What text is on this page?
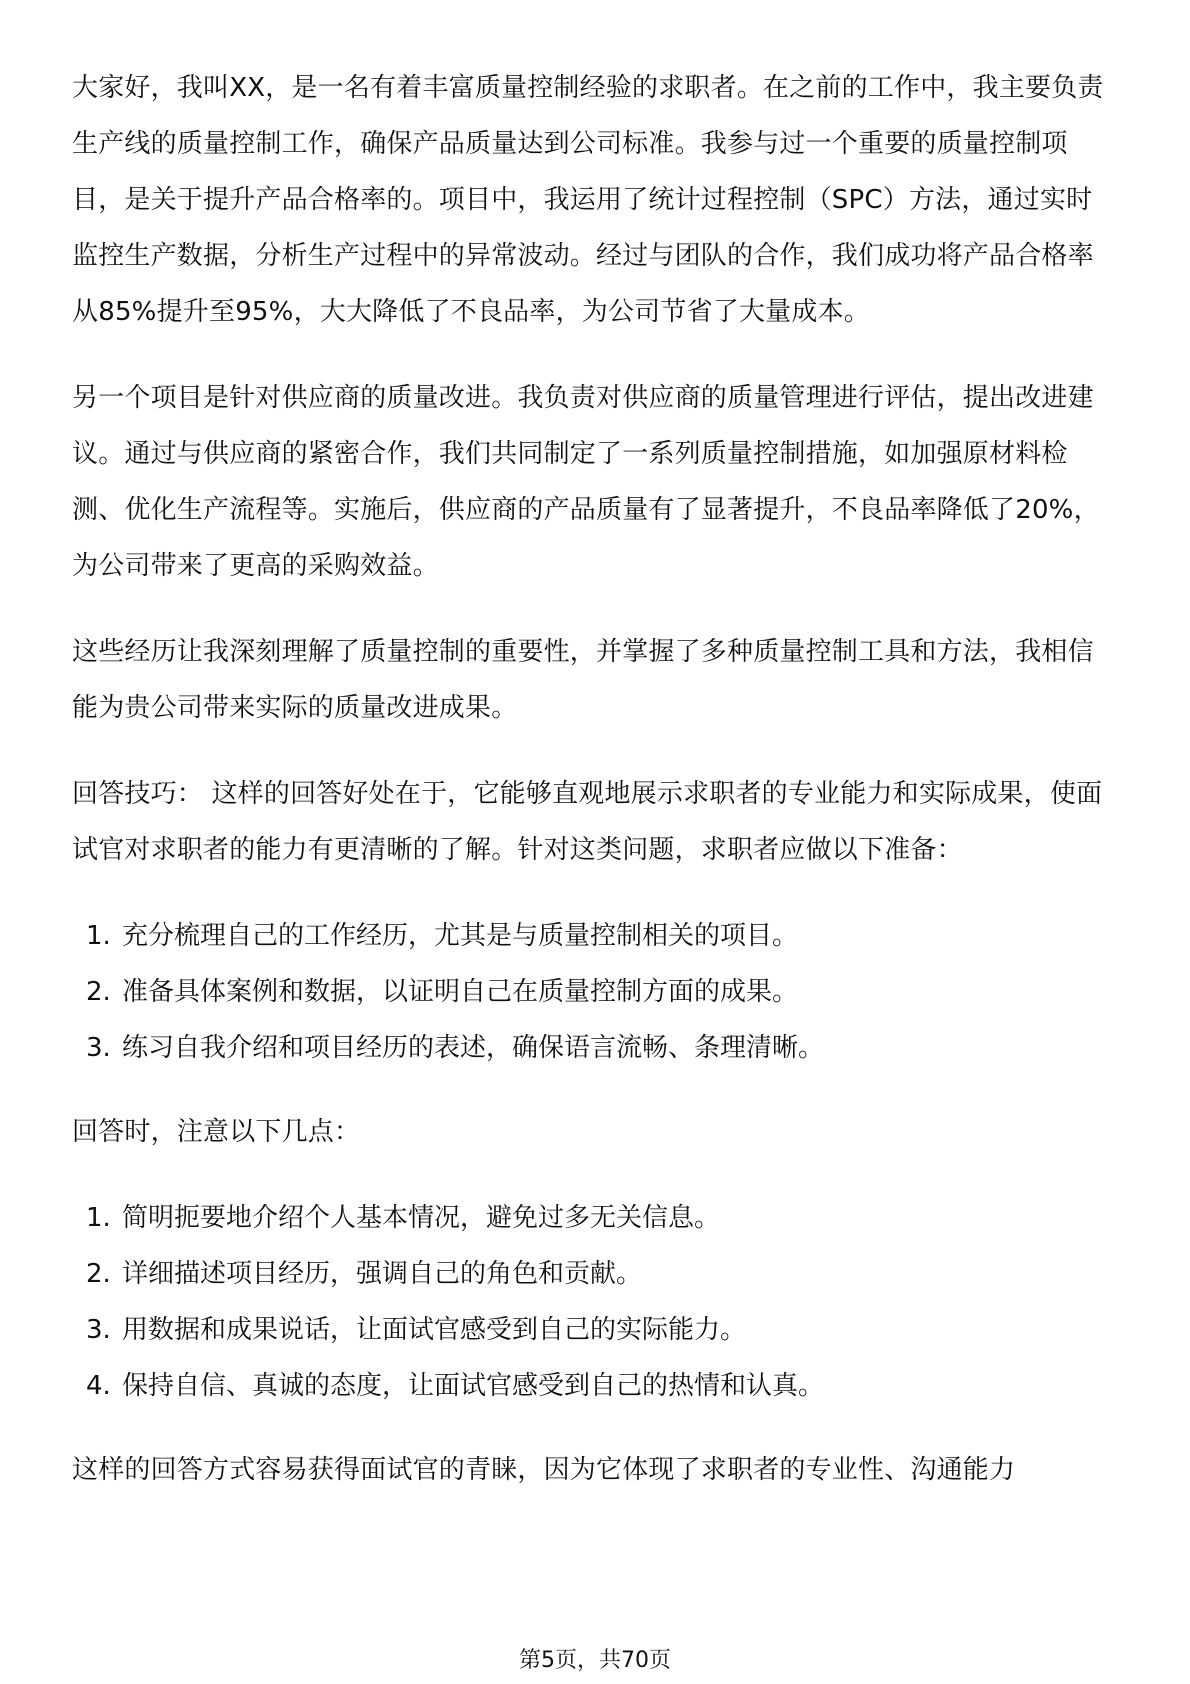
大家好，我叫XX，是一名有着丰富质量控制经验的求职者。在之前的工作中，我主要负责生产线的质量控制工作，确保产品质量达到公司标准。我参与过一个重要的质量控制项目，是关于提升产品合格率的。项目中，我运用了统计过程控制（SPC）方法，通过实时监控生产数据，分析生产过程中的异常波动。经过与团队的合作，我们成功将产品合格率从85%提升至95%，大大降低了不良品率，为公司节省了大量成本。

另一个项目是针对供应商的质量改进。我负责对供应商的质量管理进行评估，提出改进建议。通过与供应商的紧密合作，我们共同制定了一系列质量控制措施，如加强原材料检测、优化生产流程等。实施后，供应商的产品质量有了显著提升，不良品率降低了20%，为公司带来了更高的采购效益。

这些经历让我深刻理解了质量控制的重要性，并掌握了多种质量控制工具和方法，我相信能为贵公司带来实际的质量改进成果。

回答技巧： 这样的回答好处在于，它能够直观地展示求职者的专业能力和实际成果，使面试官对求职者的能力有更清晰的了解。针对这类问题，求职者应做以下准备：

1. 充分梳理自己的工作经历，尤其是与质量控制相关的项目。
2. 准备具体案例和数据，以证明自己在质量控制方面的成果。
3. 练习自我介绍和项目经历的表述，确保语言流畅、条理清晰。

回答时，注意以下几点：

1. 简明扼要地介绍个人基本情况，避免过多无关信息。
2. 详细描述项目经历，强调自己的角色和贡献。
3. 用数据和成果说话，让面试官感受到自己的实际能力。
4. 保持自信、真诚的态度，让面试官感受到自己的热情和认真。

这样的回答方式容易获得面试官的青睐，因为它体现了求职者的专业性、沟通能力

第5页，共70页
